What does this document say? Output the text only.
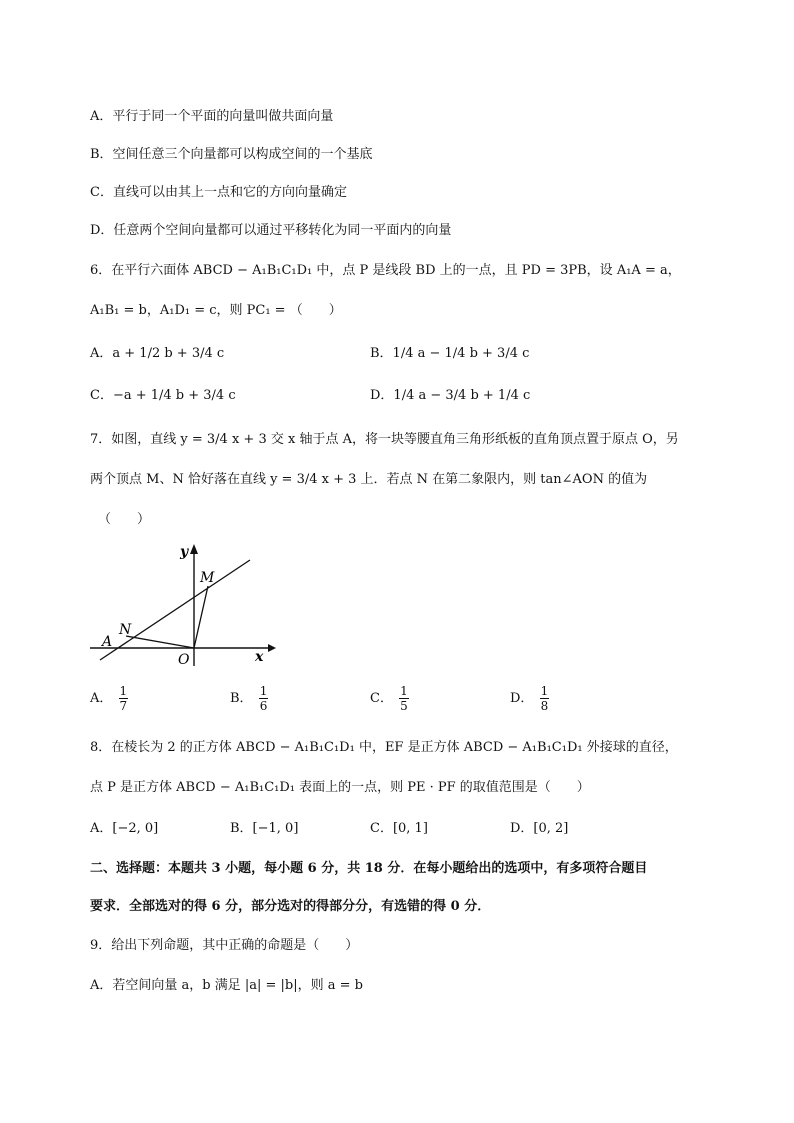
A．平行于同一个平面的向量叫做共面向量
B．空间任意三个向量都可以构成空间的一个基底
C．直线可以由其上一点和它的方向向量确定
D．任意两个空间向量都可以通过平移转化为同一平面内的向量
6．在平行六面体 ABCD − A₁B₁C₁D₁ 中，点 P 是线段 BD 上的一点，且 PD = 3PB，设 A₁A = a，
A₁B₁ = b，A₁D₁ = c，则 PC₁ = （　　）
A．a + 1/2 b + 3/4 c	B．1/4 a − 1/4 b + 3/4 c
C．−a + 1/4 b + 3/4 c	D．1/4 a − 3/4 b + 1/4 c
7．如图，直线 y = 3/4 x + 3 交 x 轴于点 A，将一块等腰直角三角形纸板的直角顶点置于原点 O，另
两个顶点 M、N 恰好落在直线 y = 3/4 x + 3 上．若点 N 在第二象限内，则 tan∠AON 的值为
（　　）
y
x
M
N
A
O
A． $\frac{1}{7}$	B． $\frac{1}{6}$	C． $\frac{1}{5}$	D． $\frac{1}{8}$
8．在棱长为 2 的正方体 ABCD − A₁B₁C₁D₁ 中，EF 是正方体 ABCD − A₁B₁C₁D₁ 外接球的直径，
点 P 是正方体 ABCD − A₁B₁C₁D₁ 表面上的一点，则 PE · PF 的取值范围是（　　）
A．[−2, 0]	B．[−1, 0]	C．[0, 1]	D．[0, 2]
二、选择题：本题共 3 小题，每小题 6 分，共 18 分．在每小题给出的选项中，有多项符合题目
要求．全部选对的得 6 分，部分选对的得部分分，有选错的得 0 分．
9．给出下列命题，其中正确的命题是（　　）
A．若空间向量 a，b 满足 |a| = |b|，则 a = b
